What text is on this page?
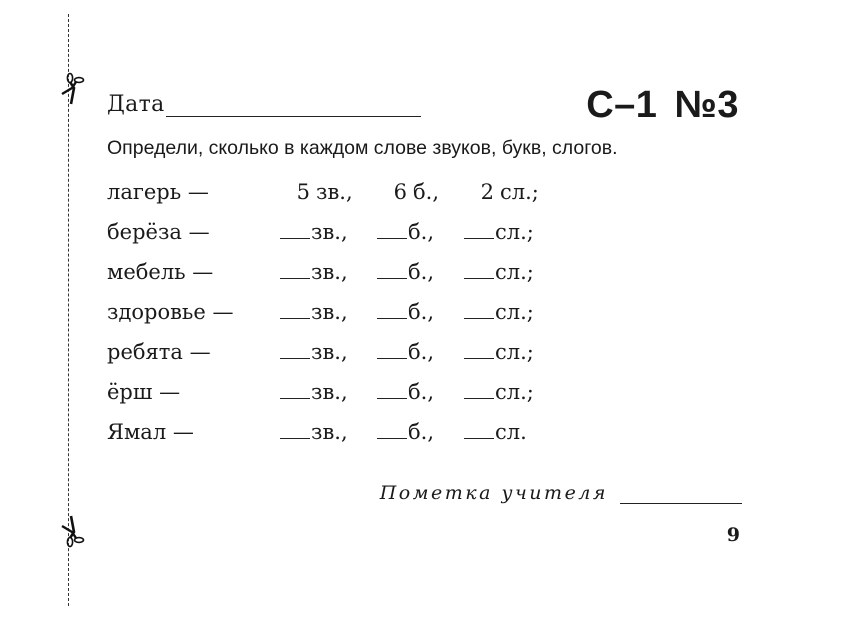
Дата	С–1 №3
Определи, сколько в каждом слове звуков, букв, слогов.
лагерь —	5 зв.,	6 б.,	2 сл.;
берёза —	зв.,	б.,	сл.;
мебель —	зв.,	б.,	сл.;
здоровье —	зв.,	б.,	сл.;
ребята —	зв.,	б.,	сл.;
ёрш —	зв.,	б.,	сл.;
Ямал —	зв.,	б.,	сл.
Пометка учителя
9
